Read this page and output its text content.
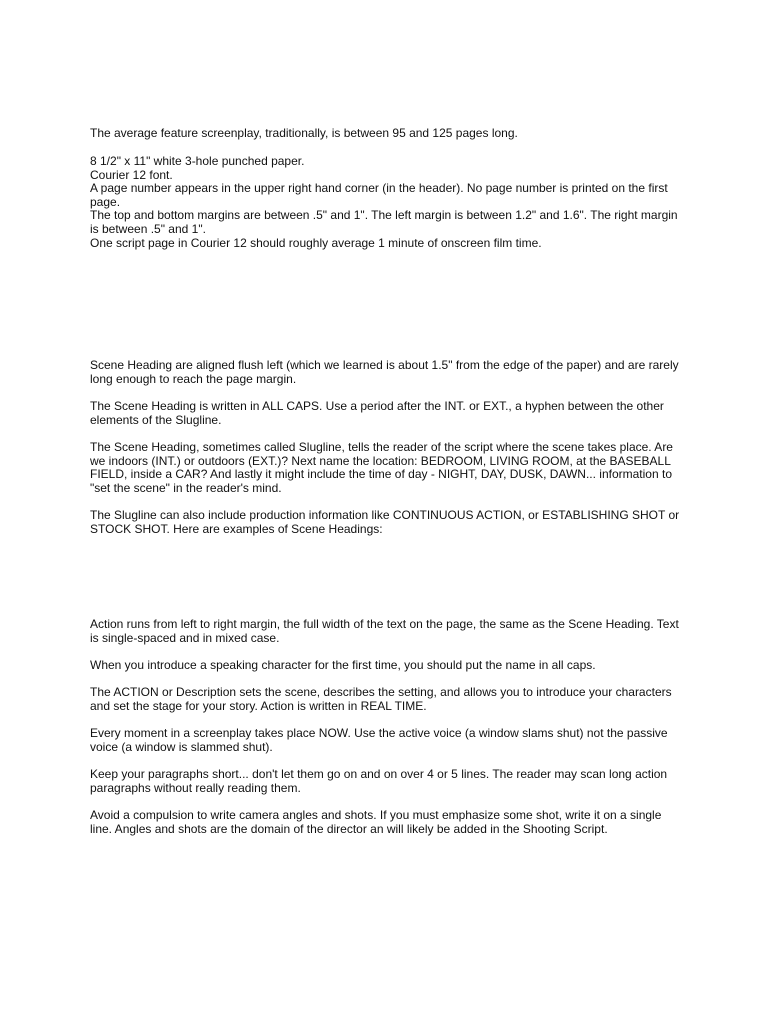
The average feature screenplay, traditionally, is between 95 and 125 pages long.

8 1/2" x 11" white 3-hole punched paper.

Courier 12 font.

A page number appears in the upper right hand corner (in the header). No page number is printed on the first page.

The top and bottom margins are between .5" and 1". The left margin is between 1.2" and 1.6". The right margin is between .5" and 1".

One script page in Courier 12 should roughly average 1 minute of onscreen film time.

Scene Heading are aligned flush left (which we learned is about 1.5" from the edge of the paper) and are rarely long enough to reach the page margin.

The Scene Heading is written in ALL CAPS. Use a period after the INT. or EXT., a hyphen between the other elements of the Slugline.

The Scene Heading, sometimes called Slugline, tells the reader of the script where the scene takes place. Are we indoors (INT.) or outdoors (EXT.)? Next name the location: BEDROOM, LIVING ROOM, at the BASEBALL FIELD, inside a CAR? And lastly it might include the time of day - NIGHT, DAY, DUSK, DAWN... information to "set the scene" in the reader's mind.

The Slugline can also include production information like CONTINUOUS ACTION, or ESTABLISHING SHOT or STOCK SHOT. Here are examples of Scene Headings:

Action runs from left to right margin, the full width of the text on the page, the same as the Scene Heading. Text is single-spaced and in mixed case.

When you introduce a speaking character for the first time, you should put the name in all caps.

The ACTION or Description sets the scene, describes the setting, and allows you to introduce your characters and set the stage for your story. Action is written in REAL TIME.

Every moment in a screenplay takes place NOW. Use the active voice (a window slams shut) not the passive voice (a window is slammed shut).

Keep your paragraphs short... don't let them go on and on over 4 or 5 lines. The reader may scan long action paragraphs without really reading them.

Avoid a compulsion to write camera angles and shots. If you must emphasize some shot, write it on a single line. Angles and shots are the domain of the director an will likely be added in the Shooting Script.
